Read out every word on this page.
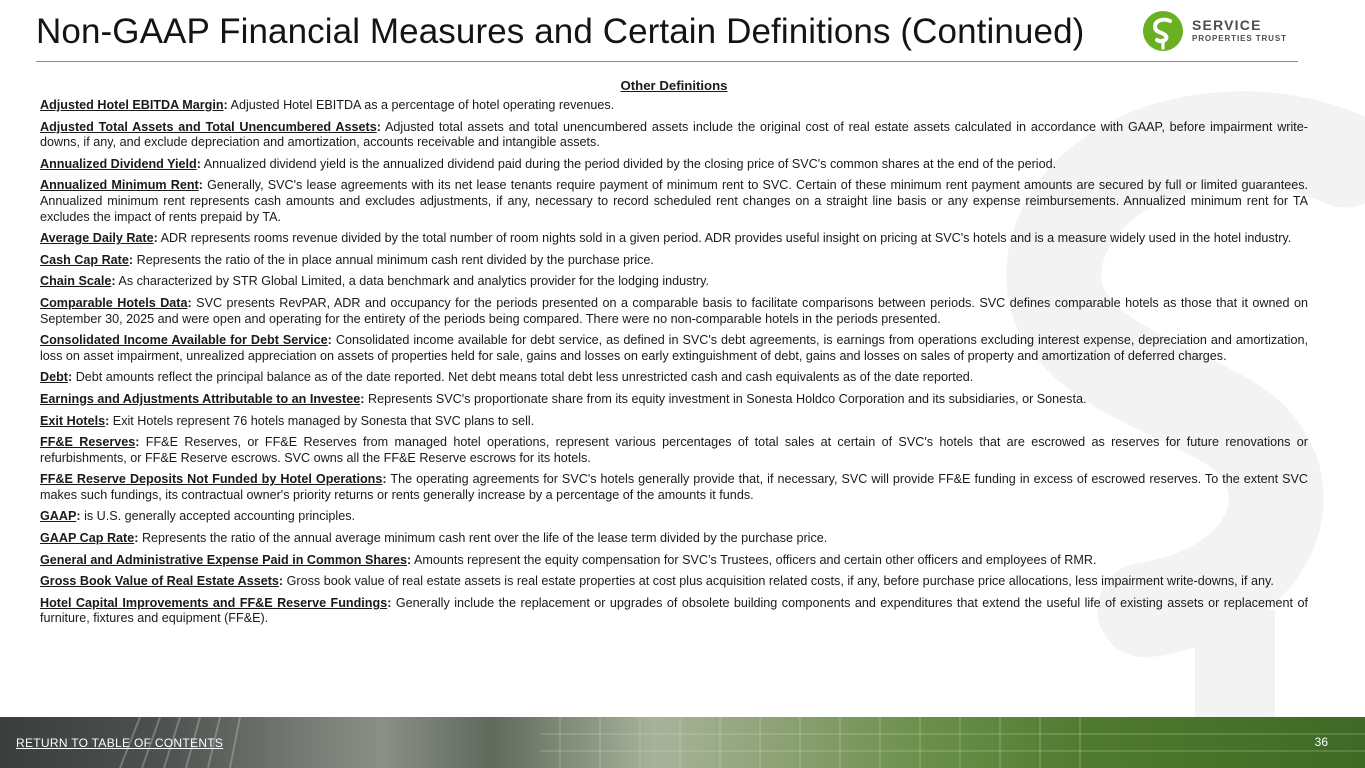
Non-GAAP Financial Measures and Certain Definitions (Continued)	SERVICE
PROPERTIES TRUST
Other Definitions

Adjusted Hotel EBITDA Margin: Adjusted Hotel EBITDA as a percentage of hotel operating revenues.

Adjusted Total Assets and Total Unencumbered Assets: Adjusted total assets and total unencumbered assets include the original cost of real estate assets calculated in accordance with GAAP, before impairment write-downs, if any, and exclude depreciation and amortization, accounts receivable and intangible assets.

Annualized Dividend Yield: Annualized dividend yield is the annualized dividend paid during the period divided by the closing price of SVC's common shares at the end of the period.

Annualized Minimum Rent: Generally, SVC's lease agreements with its net lease tenants require payment of minimum rent to SVC. Certain of these minimum rent payment amounts are secured by full or limited guarantees. Annualized minimum rent represents cash amounts and excludes adjustments, if any, necessary to record scheduled rent changes on a straight line basis or any expense reimbursements. Annualized minimum rent for TA excludes the impact of rents prepaid by TA.

Average Daily Rate: ADR represents rooms revenue divided by the total number of room nights sold in a given period. ADR provides useful insight on pricing at SVC's hotels and is a measure widely used in the hotel industry.

Cash Cap Rate: Represents the ratio of the in place annual minimum cash rent divided by the purchase price.

Chain Scale: As characterized by STR Global Limited, a data benchmark and analytics provider for the lodging industry.

Comparable Hotels Data: SVC presents RevPAR, ADR and occupancy for the periods presented on a comparable basis to facilitate comparisons between periods. SVC defines comparable hotels as those that it owned on September 30, 2025 and were open and operating for the entirety of the periods being compared. There were no non-comparable hotels in the periods presented.

Consolidated Income Available for Debt Service: Consolidated income available for debt service, as defined in SVC's debt agreements, is earnings from operations excluding interest expense, depreciation and amortization, loss on asset impairment, unrealized appreciation on assets of properties held for sale, gains and losses on early extinguishment of debt, gains and losses on sales of property and amortization of deferred charges.

Debt: Debt amounts reflect the principal balance as of the date reported. Net debt means total debt less unrestricted cash and cash equivalents as of the date reported.

Earnings and Adjustments Attributable to an Investee: Represents SVC's proportionate share from its equity investment in Sonesta Holdco Corporation and its subsidiaries, or Sonesta.

Exit Hotels: Exit Hotels represent 76 hotels managed by Sonesta that SVC plans to sell.

FF&E Reserves: FF&E Reserves, or FF&E Reserves from managed hotel operations, represent various percentages of total sales at certain of SVC's hotels that are escrowed as reserves for future renovations or refurbishments, or FF&E Reserve escrows. SVC owns all the FF&E Reserve escrows for its hotels.

FF&E Reserve Deposits Not Funded by Hotel Operations: The operating agreements for SVC's hotels generally provide that, if necessary, SVC will provide FF&E funding in excess of escrowed reserves. To the extent SVC makes such fundings, its contractual owner's priority returns or rents generally increase by a percentage of the amounts it funds.

GAAP: is U.S. generally accepted accounting principles.

GAAP Cap Rate: Represents the ratio of the annual average minimum cash rent over the life of the lease term divided by the purchase price.

General and Administrative Expense Paid in Common Shares: Amounts represent the equity compensation for SVC’s Trustees, officers and certain other officers and employees of RMR.

Gross Book Value of Real Estate Assets: Gross book value of real estate assets is real estate properties at cost plus acquisition related costs, if any, before purchase price allocations, less impairment write-downs, if any.

Hotel Capital Improvements and FF&E Reserve Fundings: Generally include the replacement or upgrades of obsolete building components and expenditures that extend the useful life of existing assets or replacement of furniture, fixtures and equipment (FF&E).

RETURN TO TABLE OF CONTENTS	36
